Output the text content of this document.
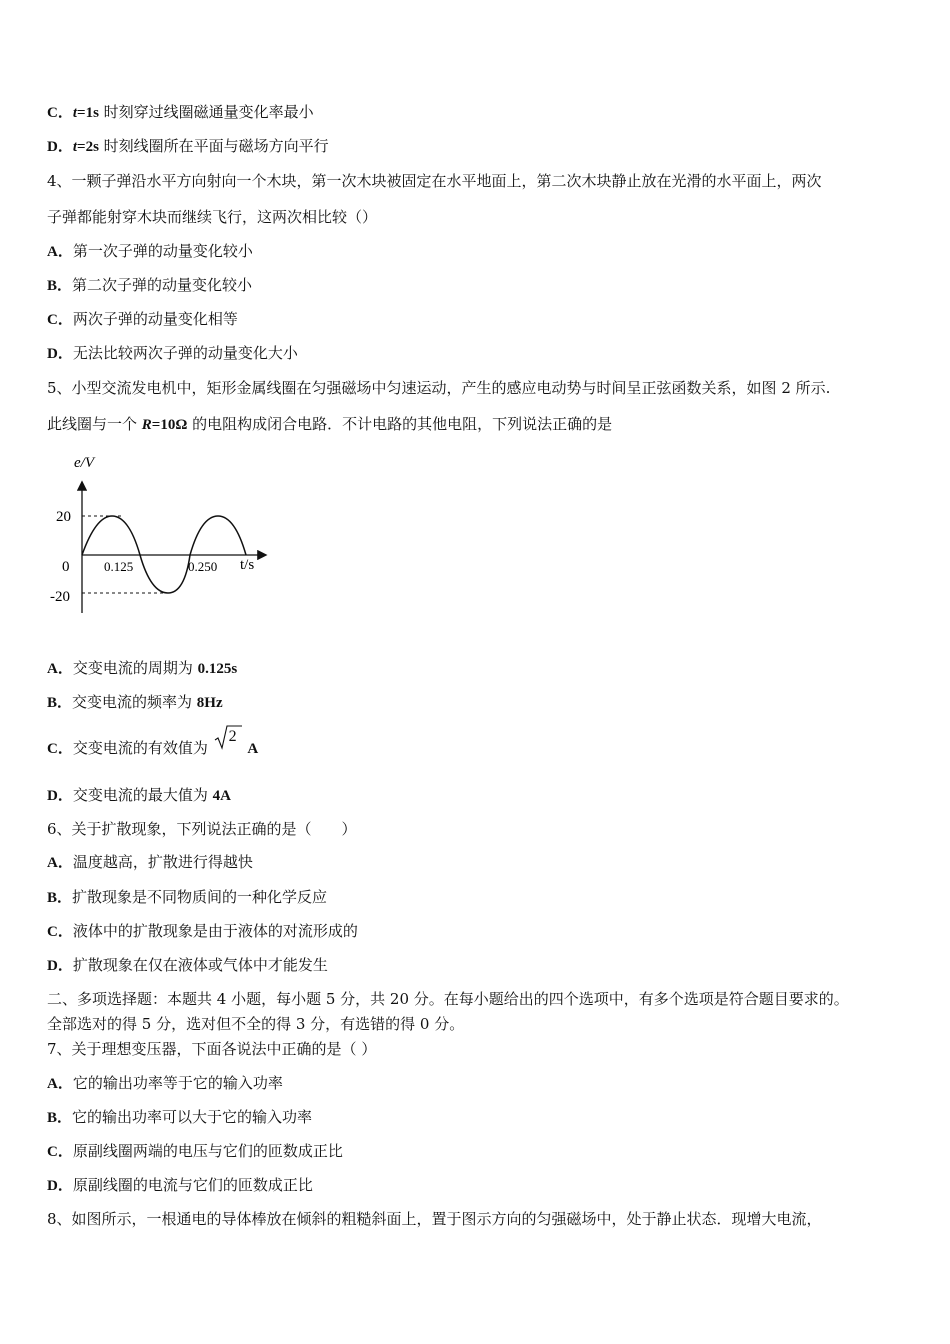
C．t=1s 时刻穿过线圈磁通量变化率最小
D．t=2s 时刻线圈所在平面与磁场方向平行
4、一颗子弹沿水平方向射向一个木块，第一次木块被固定在水平地面上，第二次木块静止放在光滑的水平面上，两次
子弹都能射穿木块而继续飞行，这两次相比较（）
A．第一次子弹的动量变化较小
B．第二次子弹的动量变化较小
C．两次子弹的动量变化相等
D．无法比较两次子弹的动量变化大小
5、小型交流发电机中，矩形金属线圈在匀强磁场中匀速运动，产生的感应电动势与时间呈正弦函数关系，如图 2 所示.
此线圈与一个 R=10Ω 的电阻构成闭合电路．不计电路的其他电阻，下列说法正确的是
e/V
20
0
-20
0.125	0.250 t/s
A．交变电流的周期为 0.125s
B．交变电流的频率为 8Hz
C．交变电流的有效值为
2
A
D．交变电流的最大值为 4A
6、关于扩散现象，下列说法正确的是（　　）
A．温度越高，扩散进行得越快
B．扩散现象是不同物质间的一种化学反应
C．液体中的扩散现象是由于液体的对流形成的
D．扩散现象在仅在液体或气体中才能发生
二、多项选择题：本题共 4 小题，每小题 5 分，共 20 分。在每小题给出的四个选项中，有多个选项是符合题目要求的。
全部选对的得 5 分，选对但不全的得 3 分，有选错的得 0 分。
7、关于理想变压器，下面各说法中正确的是（ ）
A．它的输出功率等于它的输入功率
B．它的输出功率可以大于它的输入功率
C．原副线圈两端的电压与它们的匝数成正比
D．原副线圈的电流与它们的匝数成正比
8、如图所示，一根通电的导体棒放在倾斜的粗糙斜面上，置于图示方向的匀强磁场中，处于静止状态．现增大电流，
